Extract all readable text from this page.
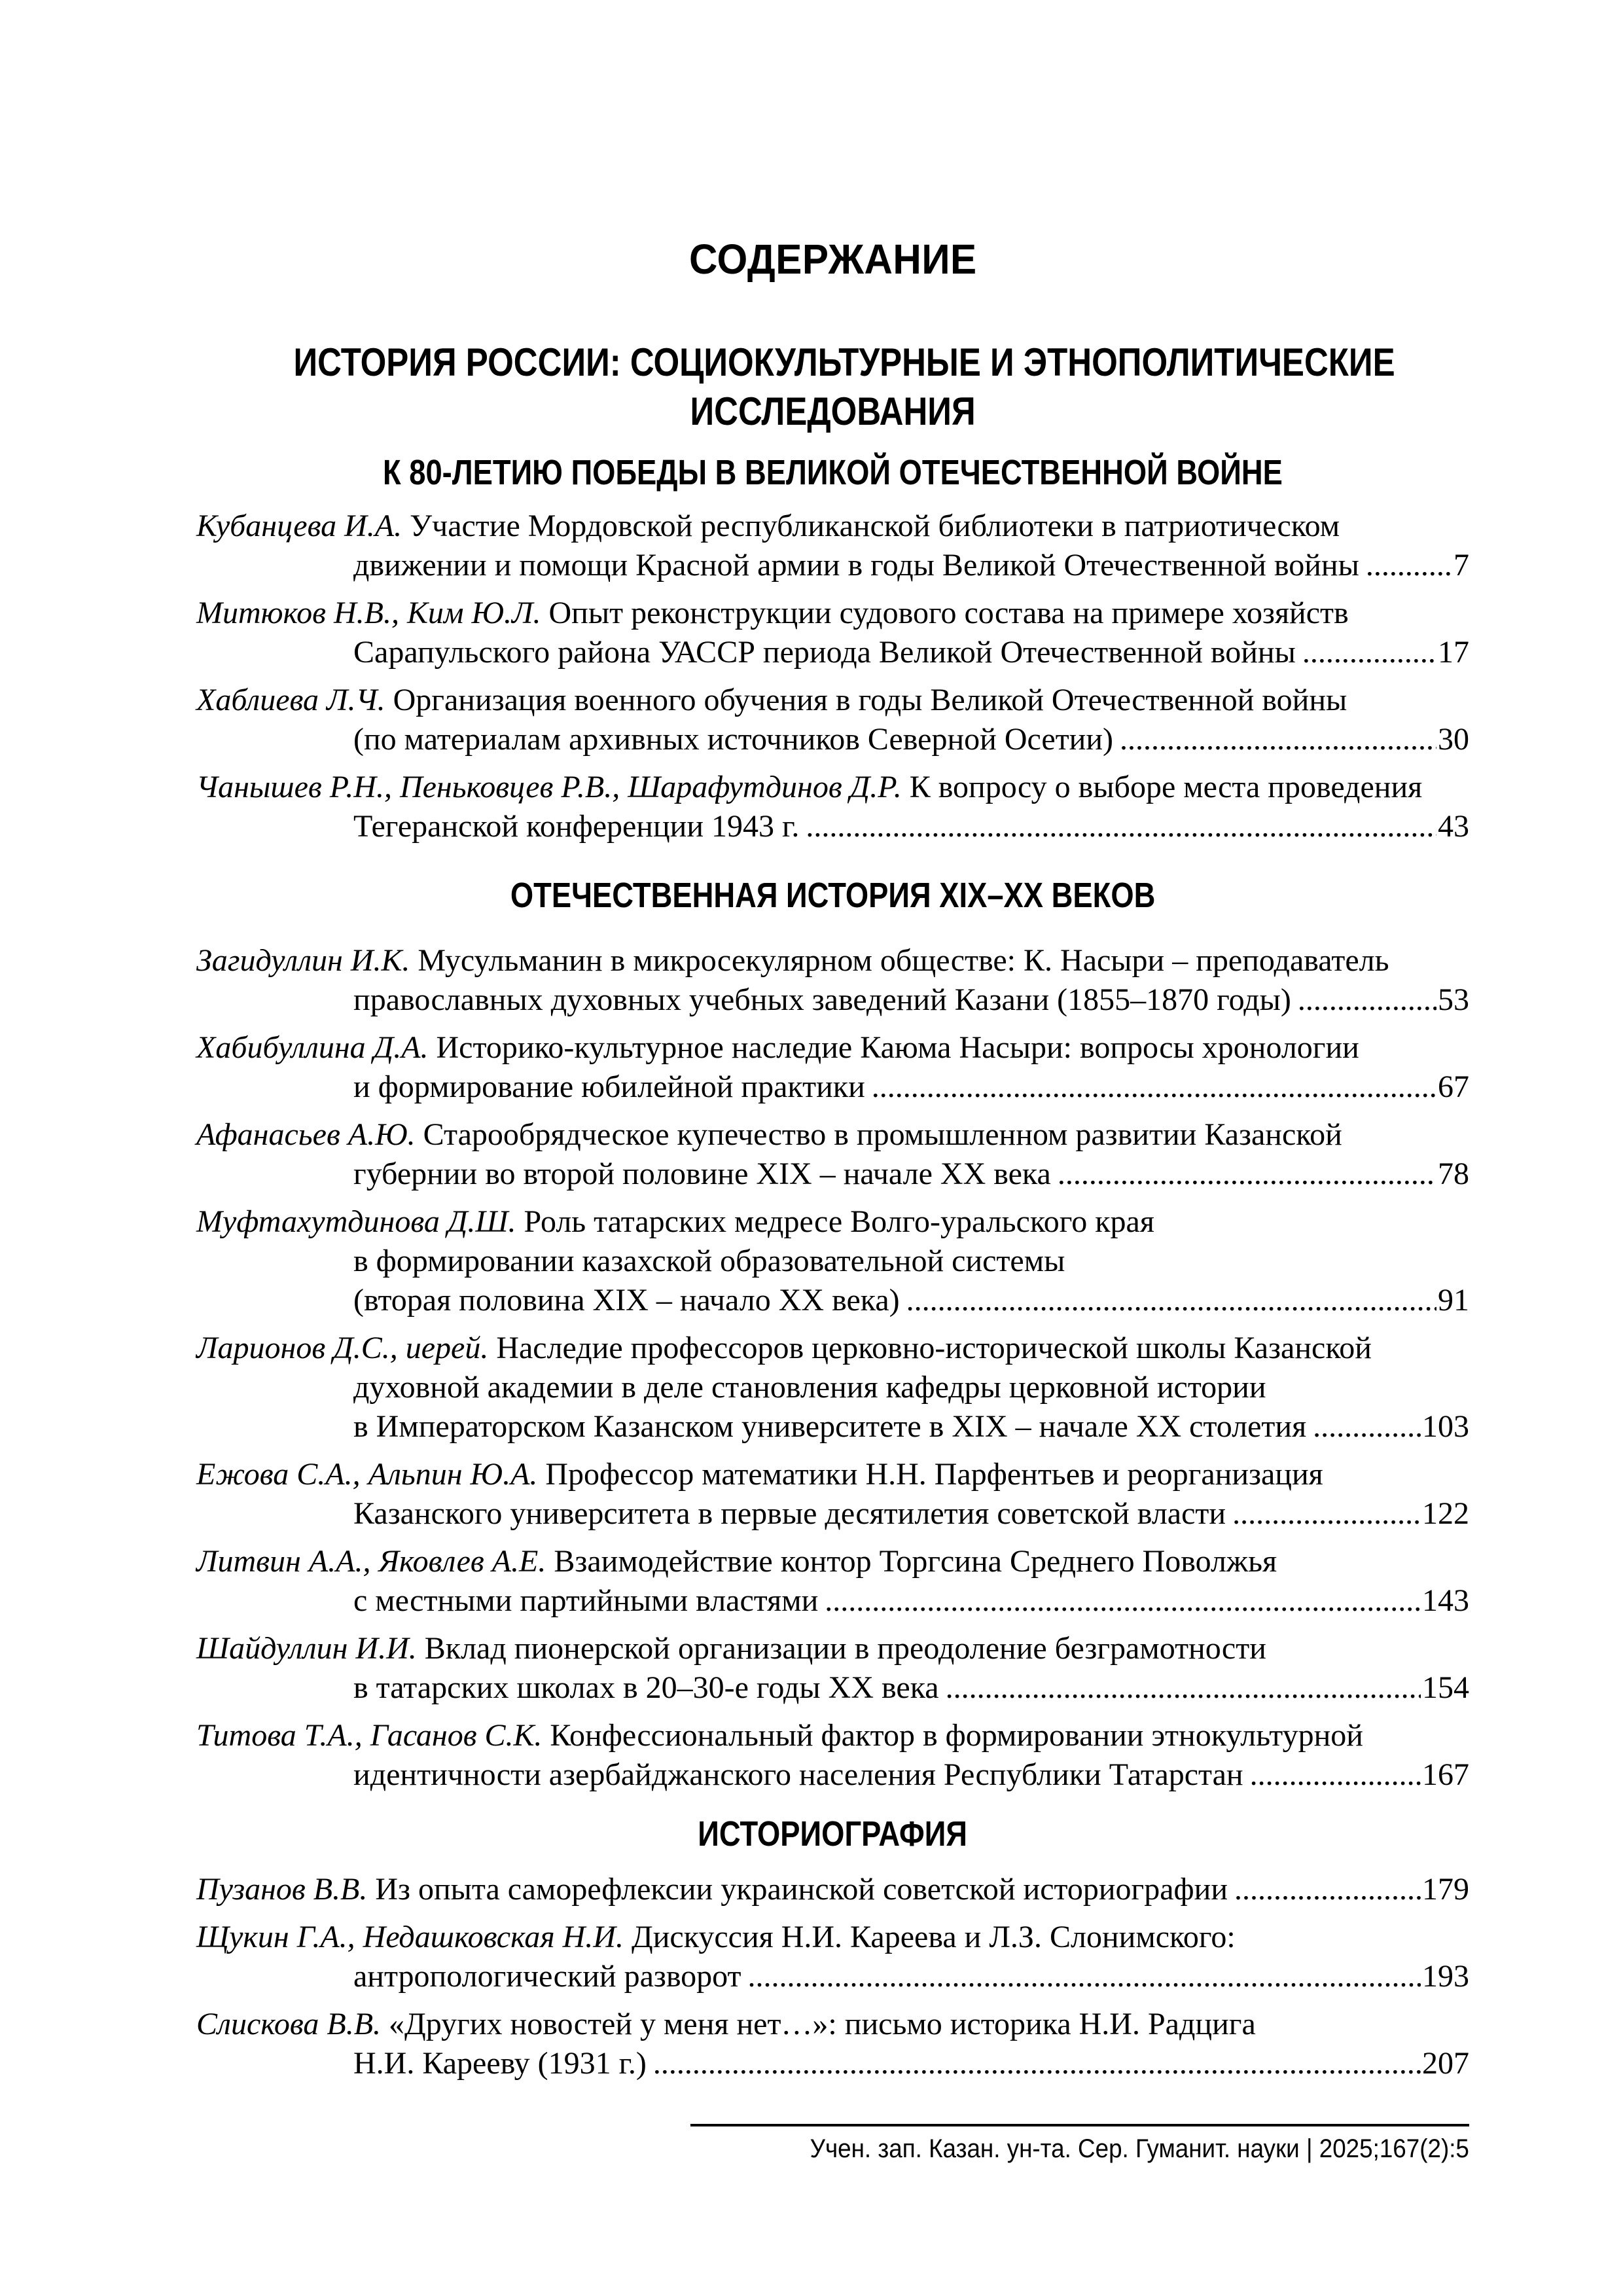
СОДЕРЖАНИЕ
ИСТОРИЯ РОССИИ: СОЦИОКУЛЬТУРНЫЕ И ЭТНОПОЛИТИЧЕСКИЕ
ИССЛЕДОВАНИЯ
К 80-ЛЕТИЮ ПОБЕДЫ В ВЕЛИКОЙ ОТЕЧЕСТВЕННОЙ ВОЙНЕ
Кубанцева И.А. Участие Мордовской республиканской библиотеки в патриотическом
движении и помощи Красной армии в годы Великой Отечественной войны .....	7
Митюков Н.В., Ким Ю.Л. Опыт реконструкции судового состава на примере хозяйств
Сарапульского района УАССР периода Великой Отечественной войны .....	17
Хаблиева Л.Ч. Организация военного обучения в годы Великой Отечественной войны
(по материалам архивных источников Северной Осетии) .....	30
Чанышев Р.Н., Пеньковцев Р.В., Шарафутдинов Д.Р. К вопросу о выборе места проведения
Тегеранской конференции 1943 г. .....	43
ОТЕЧЕСТВЕННАЯ ИСТОРИЯ XIX–XX ВЕКОВ
Загидуллин И.К. Мусульманин в микросекулярном обществе: К. Насыри – преподаватель
православных духовных учебных заведений Казани (1855–1870 годы) .....	53
Хабибуллина Д.А. Историко-культурное наследие Каюма Насыри: вопросы хронологии
и формирование юбилейной практики .....	67
Афанасьев А.Ю. Старообрядческое купечество в промышленном развитии Казанской
губернии во второй половине XIX – начале XX века .....	78
Муфтахутдинова Д.Ш. Роль татарских медресе Волго-уральского края
в формировании казахской образовательной системы
(вторая половина XIX – начало XX века) .....	91
Ларионов Д.С., иерей. Наследие профессоров церковно-исторической школы Казанской
духовной академии в деле становления кафедры церковной истории
в Императорском Казанском университете в XIX – начале XX столетия .....	103
Ежова С.А., Альпин Ю.А. Профессор математики Н.Н. Парфентьев и реорганизация
Казанского университета в первые десятилетия советской власти .....	122
Литвин А.А., Яковлев А.Е. Взаимодействие контор Торгсина Среднего Поволжья
с местными партийными властями .....	143
Шайдуллин И.И. Вклад пионерской организации в преодоление безграмотности
в татарских школах в 20–30-е годы XX века .....	154
Титова Т.А., Гасанов С.К. Конфессиональный фактор в формировании этнокультурной
идентичности азербайджанского населения Республики Татарстан .....	167
ИСТОРИОГРАФИЯ
Пузанов В.В. Из опыта саморефлексии украинской советской историографии .....	179
Щукин Г.А., Недашковская Н.И. Дискуссия Н.И. Кареева и Л.З. Слонимского:
антропологический разворот .....	193
Слискова В.В. «Других новостей у меня нет…»: письмо историка Н.И. Радцига
Н.И. Карееву (1931 г.) .....	207
Учен. зап. Казан. ун-та. Сер. Гуманит. науки | 2025;167(2):5
